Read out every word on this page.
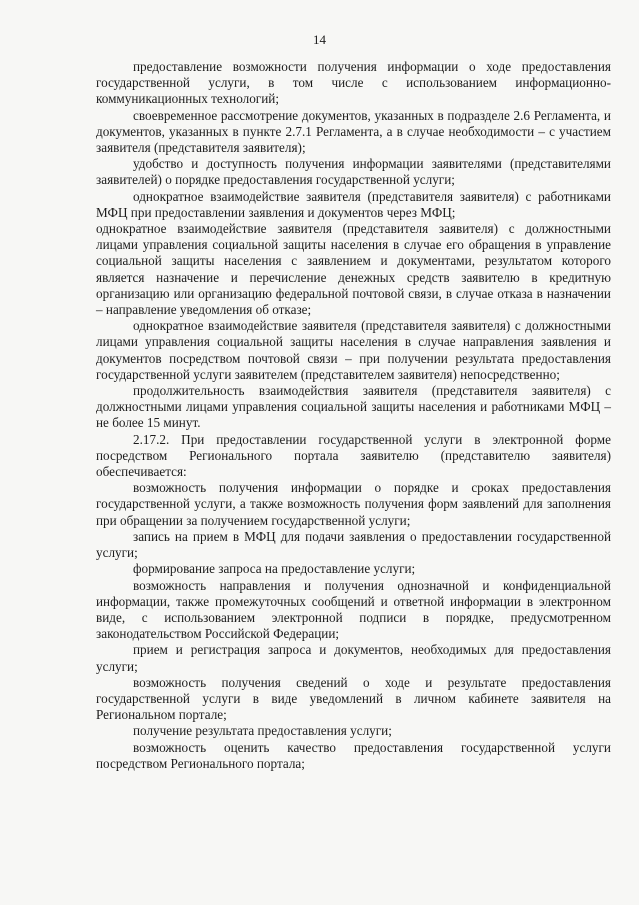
14

предоставление возможности получения информации о ходе предоставления государственной услуги, в том числе с использованием информационно-коммуникационных технологий;

своевременное рассмотрение документов, указанных в подразделе 2.6 Регламента, и документов, указанных в пункте 2.7.1 Регламента, а в случае необходимости – с участием заявителя (представителя заявителя);

удобство и доступность получения информации заявителями (представителями заявителей) о порядке предоставления государственной услуги;

однократное взаимодействие заявителя (представителя заявителя) с работниками МФЦ при предоставлении заявления и документов через МФЦ;

однократное взаимодействие заявителя (представителя заявителя) с должностными лицами управления социальной защиты населения в случае его обращения в управление социальной защиты населения с заявлением и документами, результатом которого является назначение и перечисление денежных средств заявителю в кредитную организацию или организацию федеральной почтовой связи, в случае отказа в назначении – направление уведомления об отказе;

однократное взаимодействие заявителя (представителя заявителя) с должностными лицами управления социальной защиты населения в случае направления заявления и документов посредством почтовой связи – при получении результата предоставления государственной услуги заявителем (представителем заявителя) непосредственно;

продолжительность взаимодействия заявителя (представителя заявителя) с должностными лицами управления социальной защиты населения и работниками МФЦ – не более 15 минут.

2.17.2. При предоставлении государственной услуги в электронной форме посредством Регионального портала заявителю (представителю заявителя) обеспечивается:

возможность получения информации о порядке и сроках предоставления государственной услуги, а также возможность получения форм заявлений для заполнения при обращении за получением государственной услуги;

запись на прием в МФЦ для подачи заявления о предоставлении государственной услуги;

формирование запроса на предоставление услуги;

возможность направления и получения однозначной и конфиденциальной информации, также промежуточных сообщений и ответной информации в электронном виде, с использованием электронной подписи в порядке, предусмотренном законодательством Российской Федерации;

прием и регистрация запроса и документов, необходимых для предоставления услуги;

возможность получения сведений о ходе и результате предоставления государственной услуги в виде уведомлений в личном кабинете заявителя на Региональном портале;

получение результата предоставления услуги;

возможность оценить качество предоставления государственной услуги посредством Регионального портала;
